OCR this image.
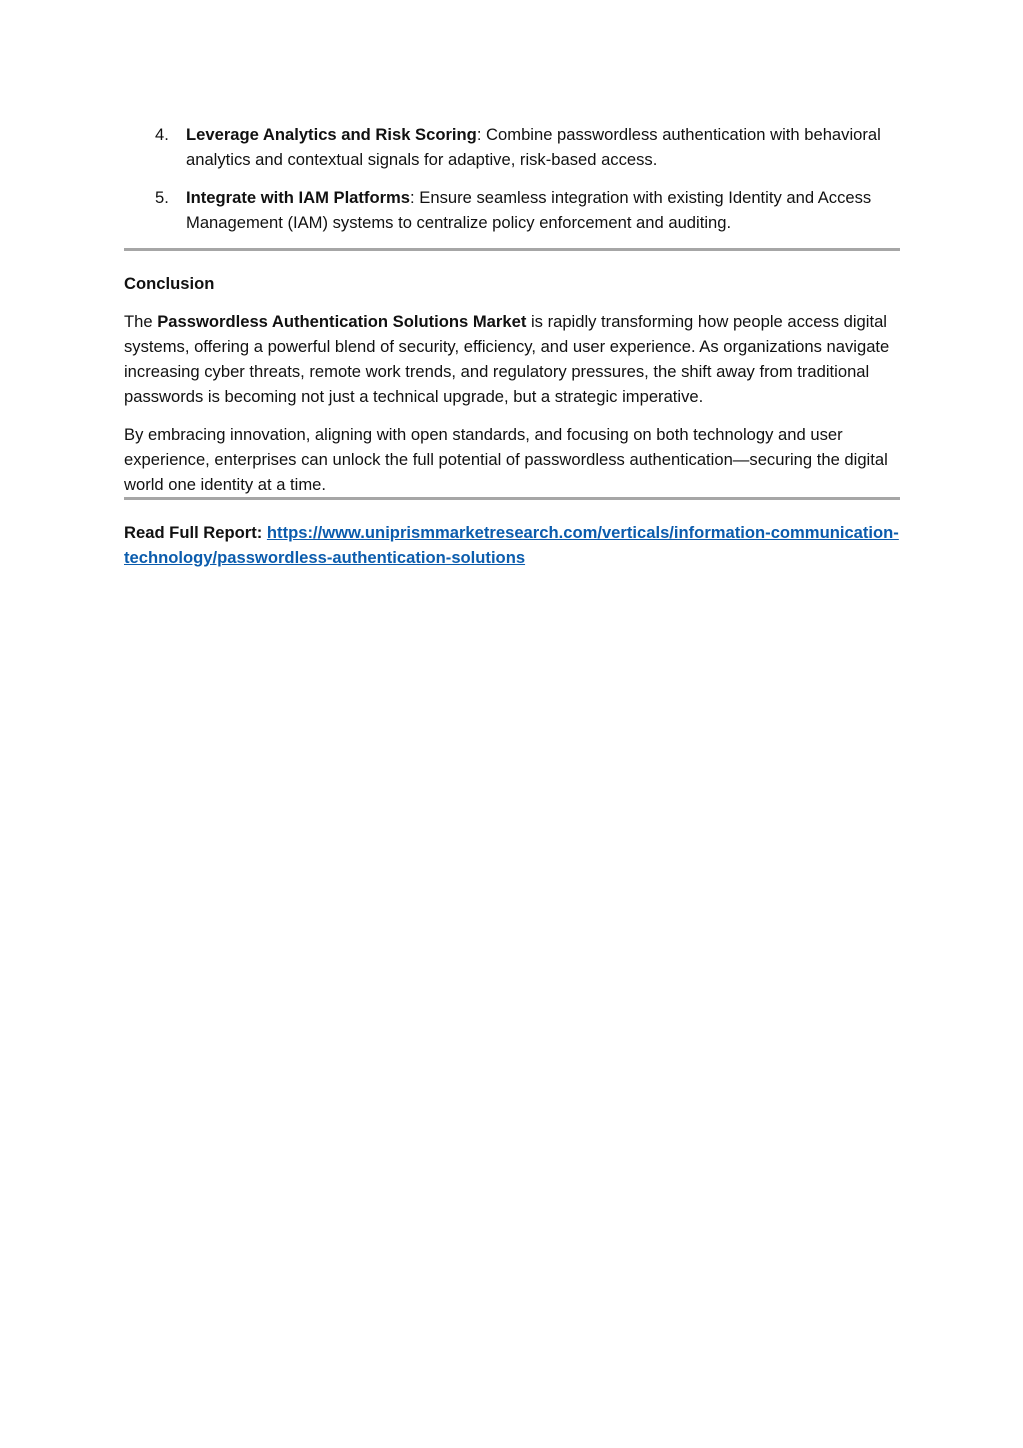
4. Leverage Analytics and Risk Scoring: Combine passwordless authentication with behavioral analytics and contextual signals for adaptive, risk-based access.
5. Integrate with IAM Platforms: Ensure seamless integration with existing Identity and Access Management (IAM) systems to centralize policy enforcement and auditing.
Conclusion

The Passwordless Authentication Solutions Market is rapidly transforming how people access digital systems, offering a powerful blend of security, efficiency, and user experience. As organizations navigate increasing cyber threats, remote work trends, and regulatory pressures, the shift away from traditional passwords is becoming not just a technical upgrade, but a strategic imperative.

By embracing innovation, aligning with open standards, and focusing on both technology and user experience, enterprises can unlock the full potential of passwordless authentication—securing the digital world one identity at a time.

Read Full Report: https://www.uniprismmarketresearch.com/verticals/information-communication-technology/passwordless-authentication-solutions
